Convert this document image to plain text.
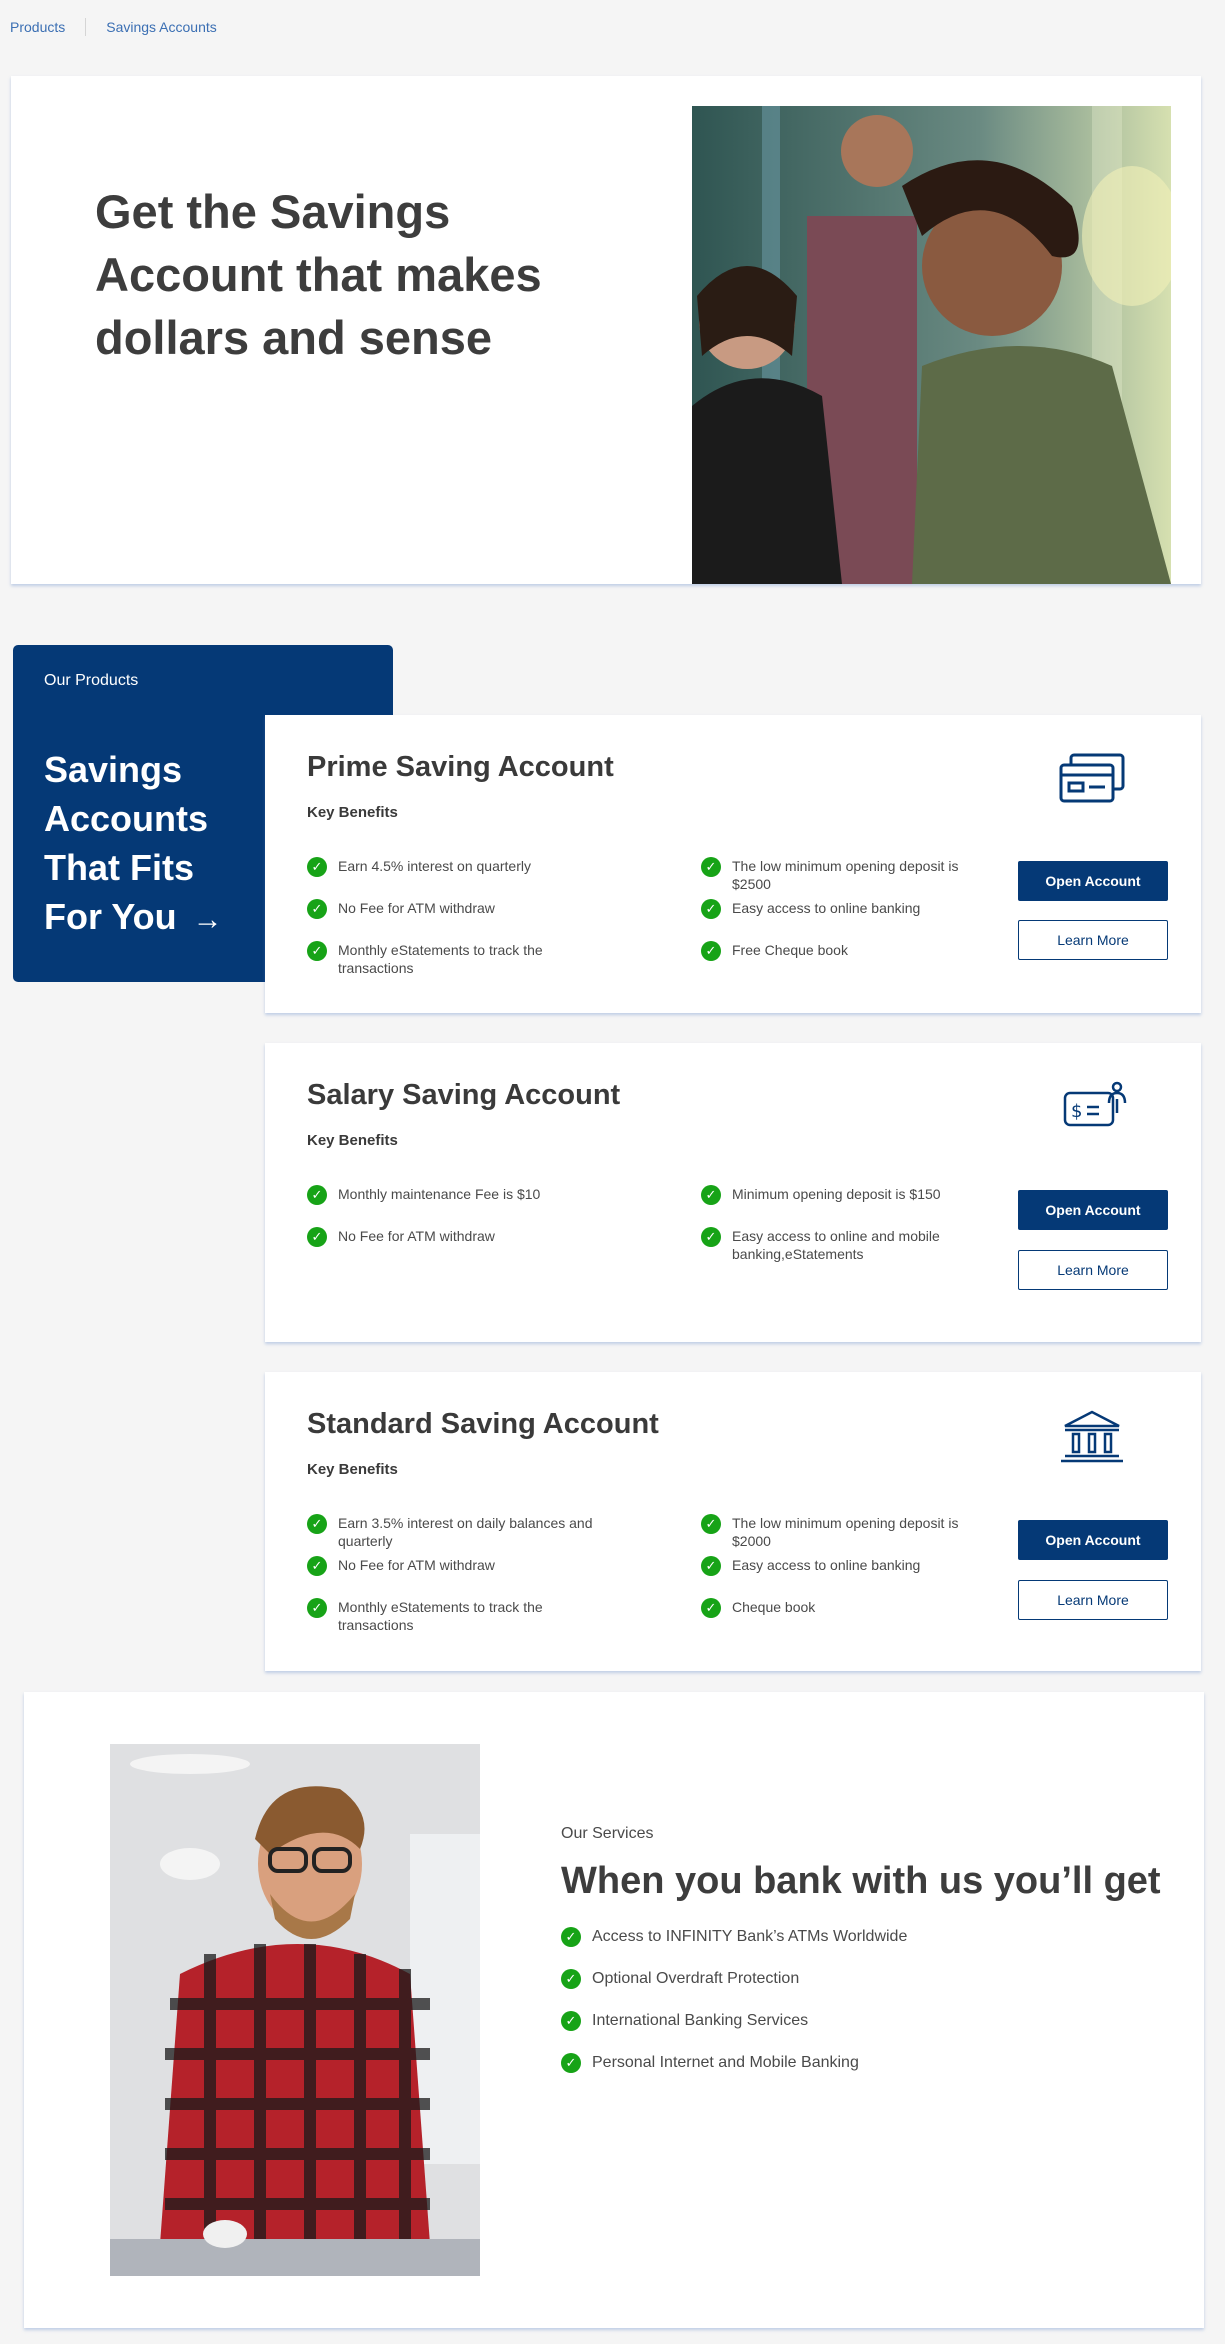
Products	Savings Accounts
Get the Savings Account that makes dollars and sense
Our Products
Savings Accounts That Fits For You →
Prime Saving Account
Key Benefits
✓	Earn 4.5% interest on quarterly
✓	No Fee for ATM withdraw
✓	Monthly eStatements to track the transactions
✓	The low minimum opening deposit is $2500
✓	Easy access to online banking
✓	Free Cheque book
Open Account
Learn More
Salary Saving Account
Key Benefits
$
✓	Monthly maintenance Fee is $10
✓	No Fee for ATM withdraw
✓	Minimum opening deposit is $150
✓	Easy access to online and mobile banking,eStatements
Open Account
Learn More
Standard Saving Account
Key Benefits
✓	Earn 3.5% interest on daily balances and quarterly
✓	No Fee for ATM withdraw
✓	Monthly eStatements to track the transactions
✓	The low minimum opening deposit is $2000
✓	Easy access to online banking
✓	Cheque book
Open Account
Learn More
Our Services
When you bank with us you’ll get
✓ Access to INFINITY Bank’s ATMs Worldwide
✓ Optional Overdraft Protection
✓ International Banking Services
✓ Personal Internet and Mobile Banking
